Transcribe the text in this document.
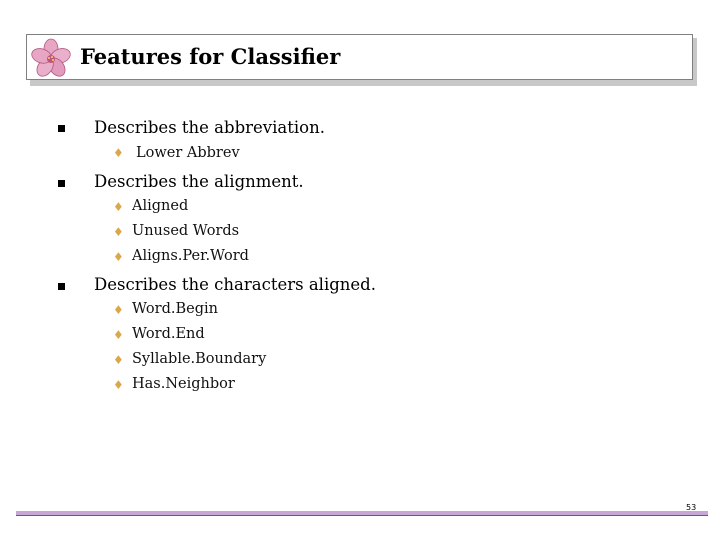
Features for Classifier
Describes the abbreviation.
♦ Lower Abbrev
Describes the alignment.
♦ Aligned
♦ Unused Words
♦ Aligns.Per.Word
Describes the characters aligned.
♦ Word.Begin
♦ Word.End
♦ Syllable.Boundary
♦ Has.Neighbor
53
